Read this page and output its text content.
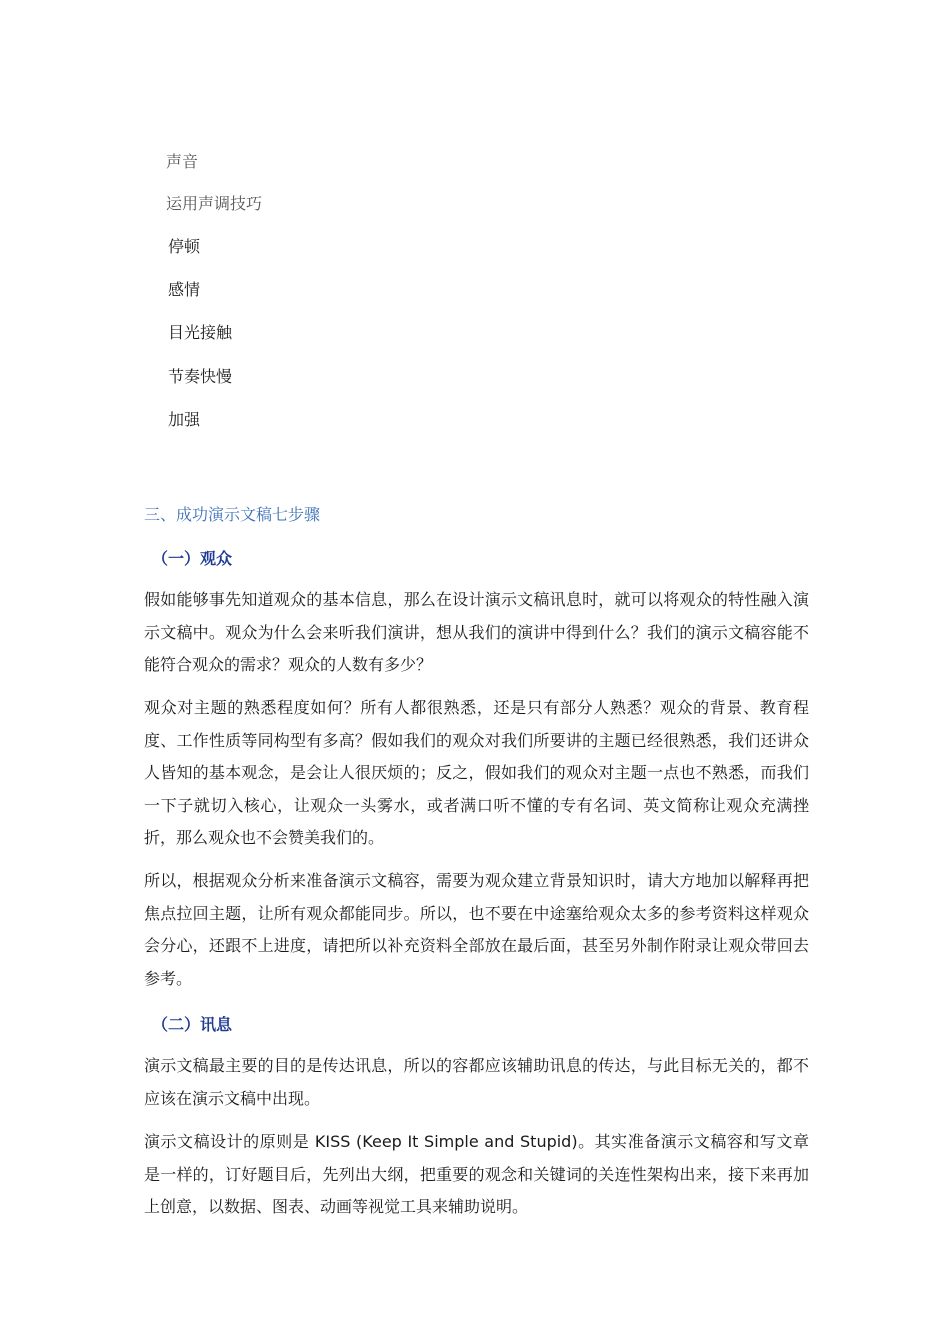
声音
运用声调技巧
停顿
感情
目光接触
节奏快慢
加强
三、成功演示文稿七步骤
（一）观众
假如能够事先知道观众的基本信息，那么在设计演示文稿讯息时，就可以将观众的特性融入演示文稿中。观众为什么会来听我们演讲，想从我们的演讲中得到什么？我们的演示文稿容能不能符合观众的需求？观众的人数有多少？
观众对主题的熟悉程度如何？所有人都很熟悉，还是只有部分人熟悉？观众的背景、教育程度、工作性质等同构型有多高？假如我们的观众对我们所要讲的主题已经很熟悉，我们还讲众人皆知的基本观念，是会让人很厌烦的；反之，假如我们的观众对主题一点也不熟悉，而我们一下子就切入核心，让观众一头雾水，或者满口听不懂的专有名词、英文简称让观众充满挫折，那么观众也不会赞美我们的。
所以，根据观众分析来准备演示文稿容，需要为观众建立背景知识时，请大方地加以解释再把焦点拉回主题，让所有观众都能同步。所以，也不要在中途塞给观众太多的参考资料这样观众会分心，还跟不上进度，请把所以补充资料全部放在最后面，甚至另外制作附录让观众带回去参考。
（二）讯息
演示文稿最主要的目的是传达讯息，所以的容都应该辅助讯息的传达，与此目标无关的，都不应该在演示文稿中出现。
演示文稿设计的原则是 KISS (Keep It Simple and Stupid)。其实准备演示文稿容和写文章是一样的，订好题目后，先列出大纲，把重要的观念和关键词的关连性架构出来，接下来再加上创意，以数据、图表、动画等视觉工具来辅助说明。
